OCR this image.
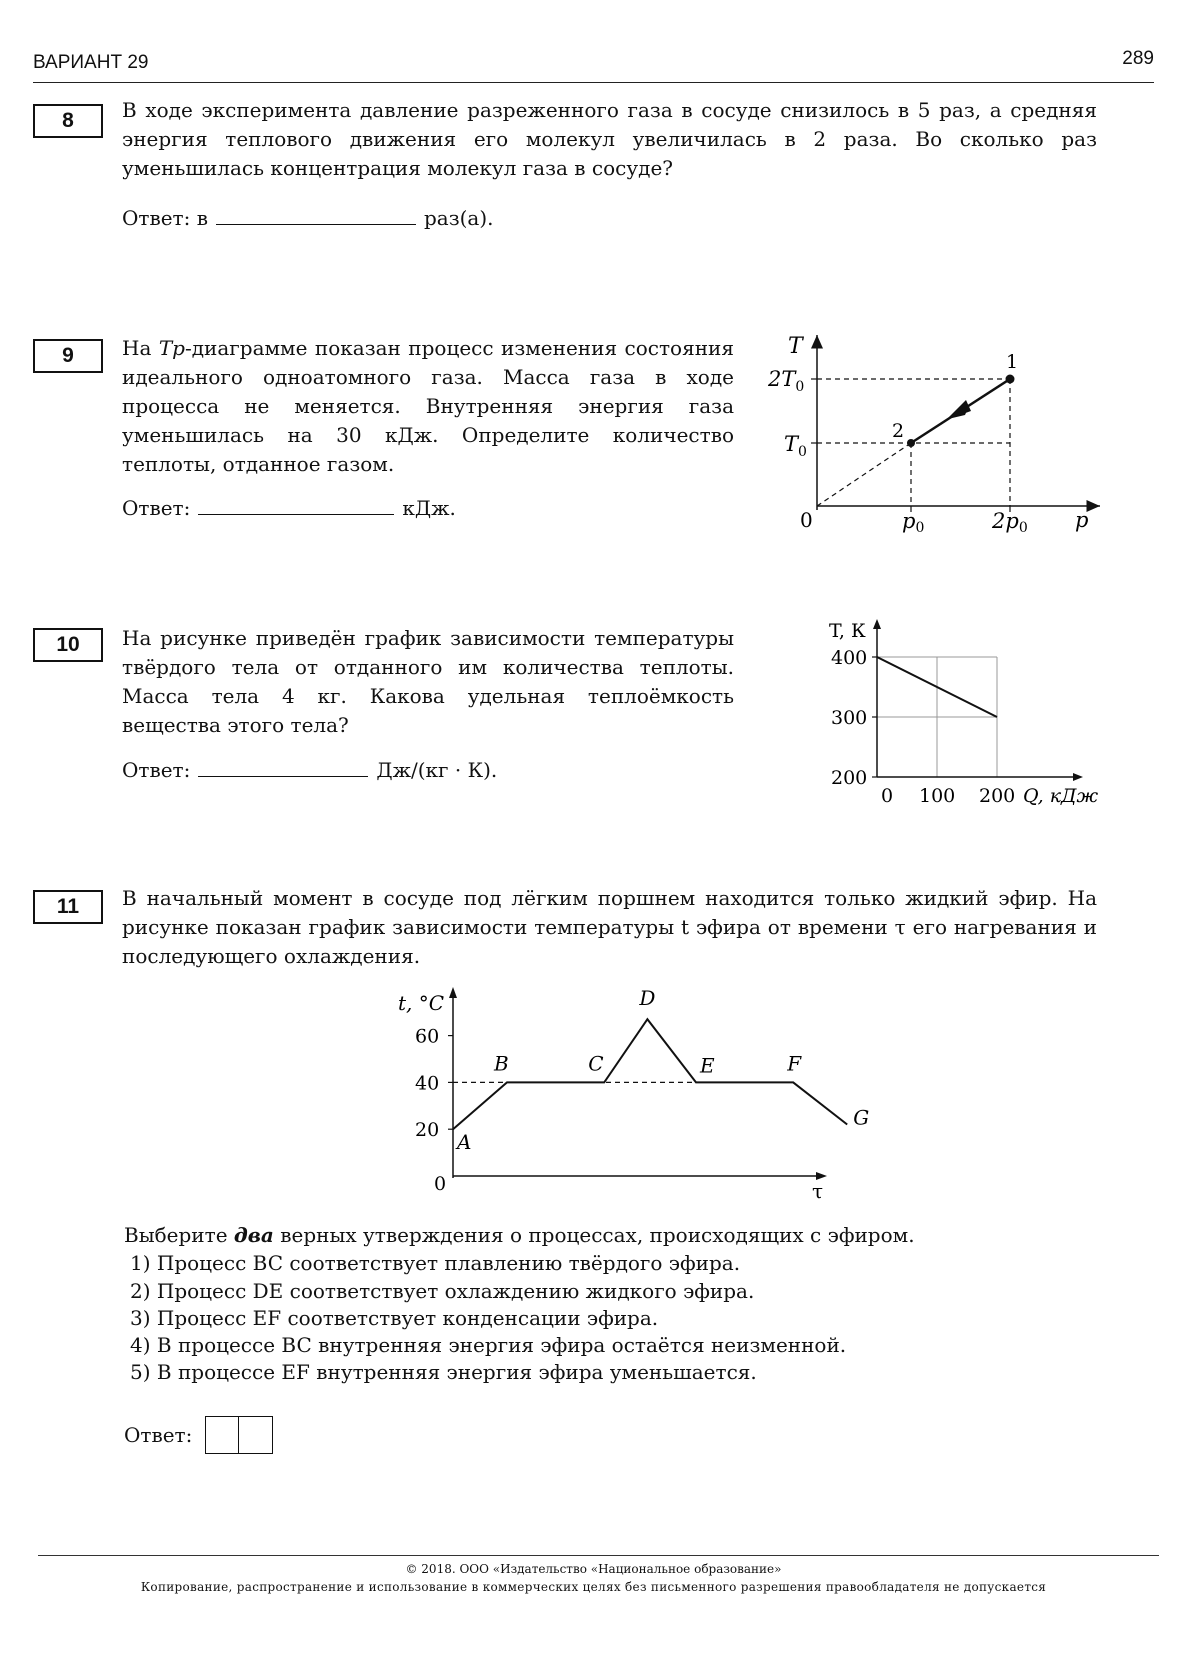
ВАРИАНТ 29	289
8	В ходе эксперимента давление разреженного газа в сосуде снизилось в 5 раз, а средняя энергия теплового движения его молекул увеличилась в 2 раза. Во сколько раз уменьшилась концентрация молекул газа в сосуде?
Ответ: в	раз(а).
9	На Tp-диаграмме показан процесс изменения состояния идеального одноатомного газа. Масса газа в ходе процесса не меняется. Внутренняя энергия газа уменьшилась на 30 кДж. Определите количество теплоты, отданное газом.
Ответ:	кДж.
T
p
0
$2T_0$
$T_0$
p0	2p0
1
2
10	На рисунке приведён график зависимости температуры твёрдого тела от отданного им количества теплоты. Масса тела 4 кг. Какова удельная теплоёмкость вещества этого тела?
Ответ:	Дж/(кг · К).	200
300
400
0 100 200
T, К
Q, кДж
11	В начальный момент в сосуде под лёгким поршнем находится только жидкий эфир. На рисунке показан график зависимости температуры t эфира от времени τ его нагревания и последующего охлаждения.
20
40
60
0
t, °C
τ
A
B	C
D
E	F
G
Выберите два верных утверждения о процессах, происходящих с эфиром.
1) Процесс BC соответствует плавлению твёрдого эфира.
2) Процесс DE соответствует охлаждению жидкого эфира.
3) Процесс EF соответствует конденсации эфира.
4) В процессе BC внутренняя энергия эфира остаётся неизменной.
5) В процессе EF внутренняя энергия эфира уменьшается.
Ответ:
© 2018. ООО «Издательство «Национальное образование»
Копирование, распространение и использование в коммерческих целях без письменного разрешения правообладателя не допускается
